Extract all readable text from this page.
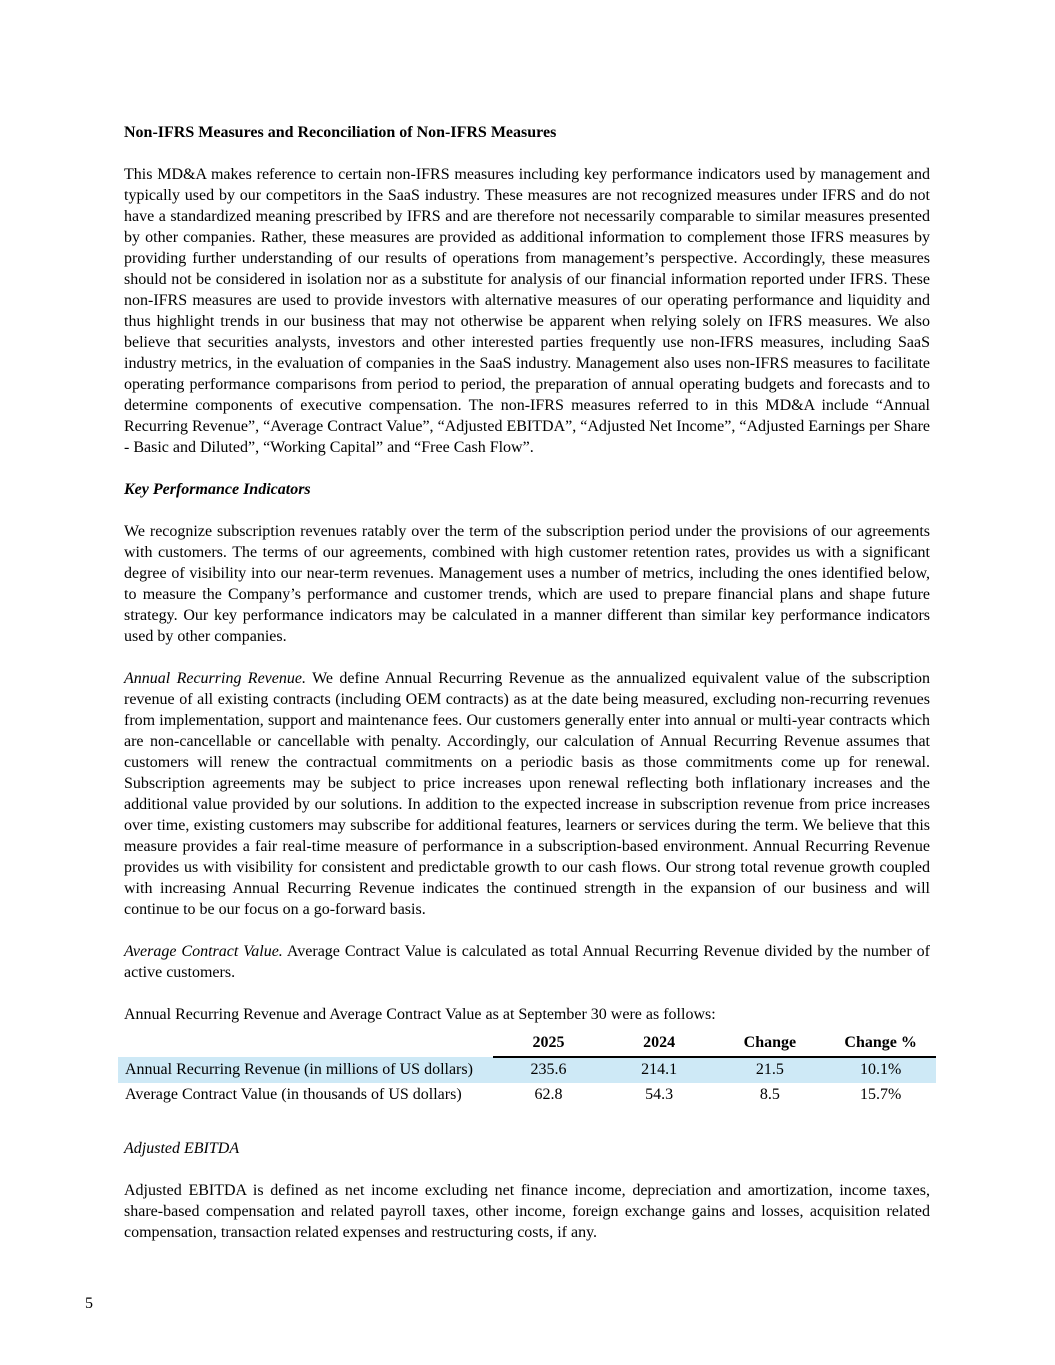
Non-IFRS Measures and Reconciliation of Non-IFRS Measures

This MD&A makes reference to certain non-IFRS measures including key performance indicators used by management and typically used by our competitors in the SaaS industry. These measures are not recognized measures under IFRS and do not have a standardized meaning prescribed by IFRS and are therefore not necessarily comparable to similar measures presented by other companies. Rather, these measures are provided as additional information to complement those IFRS measures by providing further understanding of our results of operations from management’s perspective. Accordingly, these measures should not be considered in isolation nor as a substitute for analysis of our financial information reported under IFRS. These non-IFRS measures are used to provide investors with alternative measures of our operating performance and liquidity and thus highlight trends in our business that may not otherwise be apparent when relying solely on IFRS measures. We also believe that securities analysts, investors and other interested parties frequently use non-IFRS measures, including SaaS industry metrics, in the evaluation of companies in the SaaS industry. Management also uses non-IFRS measures to facilitate operating performance comparisons from period to period, the preparation of annual operating budgets and forecasts and to determine components of executive compensation. The non-IFRS measures referred to in this MD&A include “Annual Recurring Revenue”, “Average Contract Value”, “Adjusted EBITDA”, “Adjusted Net Income”, “Adjusted Earnings per Share - Basic and Diluted”, “Working Capital” and “Free Cash Flow”.

Key Performance Indicators

We recognize subscription revenues ratably over the term of the subscription period under the provisions of our agreements with customers. The terms of our agreements, combined with high customer retention rates, provides us with a significant degree of visibility into our near-term revenues. Management uses a number of metrics, including the ones identified below, to measure the Company’s performance and customer trends, which are used to prepare financial plans and shape future strategy. Our key performance indicators may be calculated in a manner different than similar key performance indicators used by other companies.

Annual Recurring Revenue. We define Annual Recurring Revenue as the annualized equivalent value of the subscription revenue of all existing contracts (including OEM contracts) as at the date being measured, excluding non-recurring revenues from implementation, support and maintenance fees. Our customers generally enter into annual or multi-year contracts which are non-cancellable or cancellable with penalty. Accordingly, our calculation of Annual Recurring Revenue assumes that customers will renew the contractual commitments on a periodic basis as those commitments come up for renewal. Subscription agreements may be subject to price increases upon renewal reflecting both inflationary increases and the additional value provided by our solutions. In addition to the expected increase in subscription revenue from price increases over time, existing customers may subscribe for additional features, learners or services during the term. We believe that this measure provides a fair real-time measure of performance in a subscription-based environment. Annual Recurring Revenue provides us with visibility for consistent and predictable growth to our cash flows. Our strong total revenue growth coupled with increasing Annual Recurring Revenue indicates the continued strength in the expansion of our business and will continue to be our focus on a go-forward basis.

Average Contract Value. Average Contract Value is calculated as total Annual Recurring Revenue divided by the number of active customers.

Annual Recurring Revenue and Average Contract Value as at September 30 were as follows:

	2025	2024	Change	Change %
Annual Recurring Revenue (in millions of US dollars)	235.6	214.1	21.5	10.1%
Average Contract Value (in thousands of US dollars)	62.8	54.3	8.5	15.7%
Adjusted EBITDA

Adjusted EBITDA is defined as net income excluding net finance income, depreciation and amortization, income taxes, share-based compensation and related payroll taxes, other income, foreign exchange gains and losses, acquisition related compensation, transaction related expenses and restructuring costs, if any.

5
